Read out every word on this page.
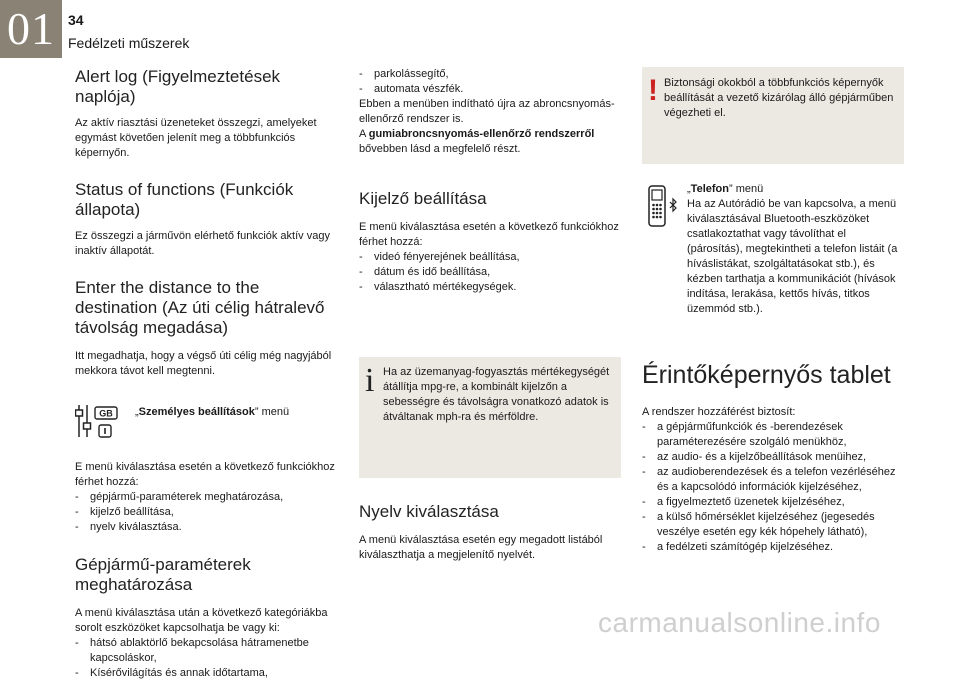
01 34
Fedélzeti műszerek
Alert log (Figyelmeztetések naplója)

Az aktív riasztási üzeneteket összegzi, amelyeket egymást követően jelenít meg a többfunkciós képernyőn.

Status of functions (Funkciók állapota)

Ez összegzi a járművön elérhető funkciók aktív vagy inaktív állapotát.

Enter the distance to the destination (Az úti célig hátralevő távolság megadása)

Itt megadhatja, hogy a végső úti célig még nagyjából mekkora távot kell megtenni.

GB „Személyes beállítások” menü

E menü kiválasztása esetén a következő funkciókhoz férhet hozzá:

- gépjármű-paraméterek meghatározása,
- kijelző beállítása,
- nyelv kiválasztása.
Gépjármű-paraméterek meghatározása

A menü kiválasztása után a következő kategóriákba sorolt eszközöket kapcsolhatja be vagy ki:

- hátsó ablaktörlő bekapcsolása hátramenetbe kapcsoláskor,
- Kísérővilágítás és annak időtartama,
- parkolássegítő,
- automata vészfék.

Ebben a menüben indítható újra az abroncsnyomás-ellenőrző rendszer is.

A gumiabroncsnyomás-ellenőrző rendszerről bővebben lásd a megfelelő részt.

Kijelző beállítása

E menü kiválasztása esetén a következő funkciókhoz férhet hozzá:

- videó fényerejének beállítása,
- dátum és idő beállítása,
- választható mértékegységek.
i Ha az üzemanyag-fogyasztás mértékegységét átállítja mpg-re, a kombinált kijelzőn a sebességre és távolságra vonatkozó adatok is átváltanak mph-ra és mérföldre.
Nyelv kiválasztása

A menü kiválasztása esetén egy megadott listából kiválaszthatja a megjelenítő nyelvét.

! Biztonsági okokból a többfunkciós képernyők beállítását a vezető kizárólag álló gépjárműben végezheti el.
„Telefon” menü
Ha az Autórádió be van kapcsolva, a menü kiválasztásával Bluetooth-eszközöket csatlakoztathat vagy távolíthat el (párosítás), megtekintheti a telefon listáit (a híváslistákat, szolgáltatásokat stb.), és kézben tarthatja a kommunikációt (hívások indítása, lerakása, kettős hívás, titkos üzemmód stb.).
Érintőképernyős tablet

A rendszer hozzáférést biztosít:

- a gépjárműfunkciók és -berendezések paraméterezésére szolgáló menükhöz,
- az audio- és a kijelzőbeállítások menüihez,
- az audioberendezések és a telefon vezérléséhez és a kapcsolódó információk kijelzéséhez,
- a figyelmeztető üzenetek kijelzéséhez,
- a külső hőmérséklet kijelzéséhez (jegesedés veszélye esetén egy kék hópehely látható),
- a fedélzeti számítógép kijelzéséhez.
carmanualsonline.info
